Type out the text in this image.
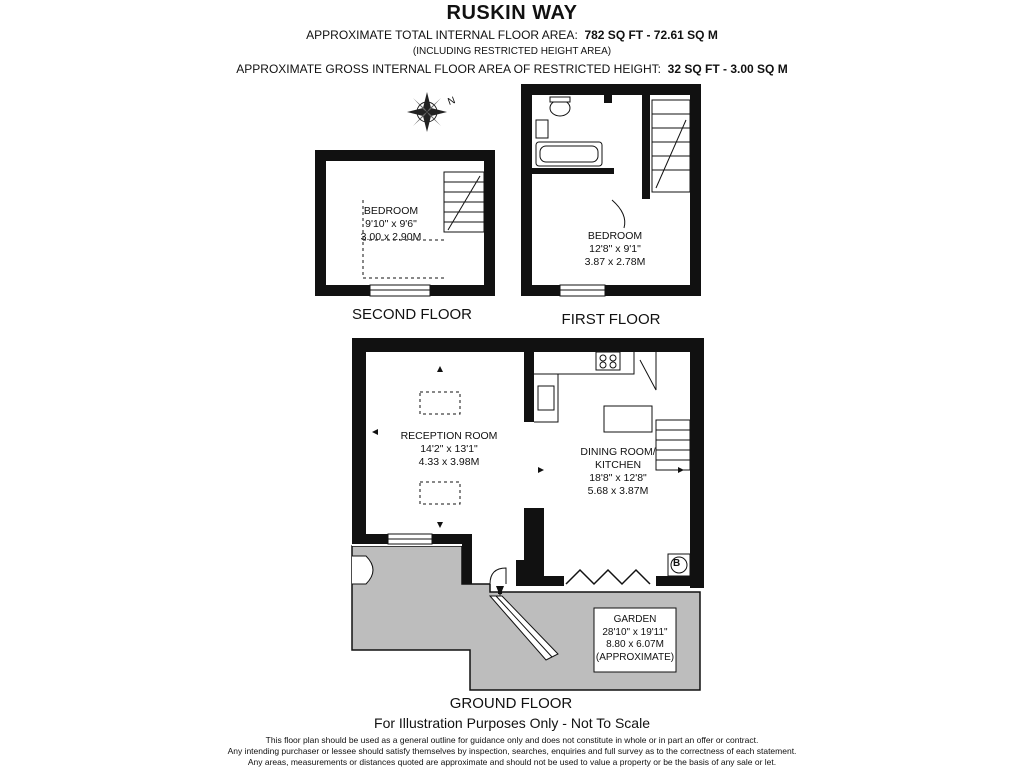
RUSKIN WAY
APPROXIMATE TOTAL INTERNAL FLOOR AREA: 782 SQ FT - 72.61 SQ M
(INCLUDING RESTRICTED HEIGHT AREA)
APPROXIMATE GROSS INTERNAL FLOOR AREA OF RESTRICTED HEIGHT: 32 SQ FT - 3.00 SQ M
N
BEDROOM
9'10" x 9'6"
3.00 x 2.90M	BEDROOM
12'8" x 9'1"
3.87 x 2.78M
RECEPTION ROOM
14'2" x 13'1"
4.33 x 3.98M
DINING ROOM/
KITCHEN
18'8" x 12'8"
5.68 x 3.87M
GARDEN
28'10" x 19'11"
8.80 x 6.07M
(APPROXIMATE)
B
SECOND FLOOR	FIRST FLOOR
GROUND FLOOR
For Illustration Purposes Only - Not To Scale
This floor plan should be used as a general outline for guidance only and does not constitute in whole or in part an offer or contract.
Any intending purchaser or lessee should satisfy themselves by inspection, searches, enquiries and full survey as to the correctness of each statement.
Any areas, measurements or distances quoted are approximate and should not be used to value a property or be the basis of any sale or let.
